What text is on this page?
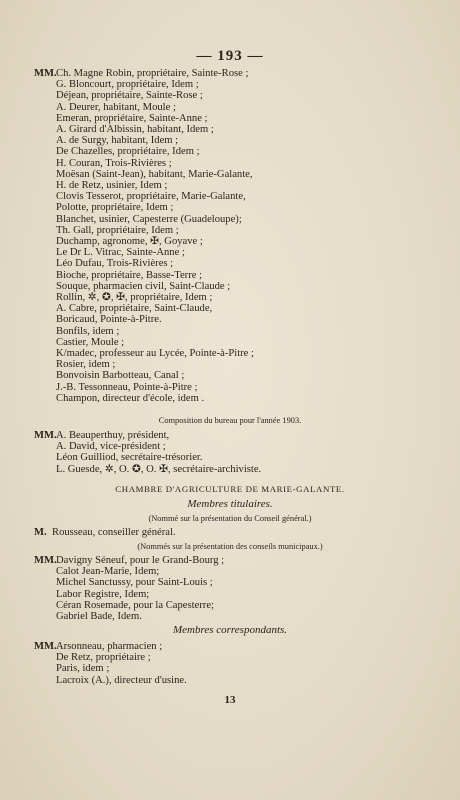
— 193 —
MM. Ch. Magne Robin, propriétaire, Sainte-Rose ;
G. Bloncourt, propriétaire, Idem ;
Déjean, propriétaire, Sainte-Rose ;
A. Deurer, habitant, Moule ;
Emeran, propriétaire, Sainte-Anne ;
A. Girard d'Albissin, habitant, Idem ;
A. de Surgy, habitant, Idem ;
De Chazelles, propriétaire, Idem ;
H. Couran, Trois-Rivières ;
Moësan (Saint-Jean), habitant, Marie-Galante,
H. de Retz, usinier, Idem ;
Clovis Tesserot, propriétaire, Marie-Galante,
Polotte, propriétaire, Idem ;
Blanchet, usinier, Capesterre (Guadeloupe);
Th. Gall, propriétaire, Idem ;
Duchamp, agronome, ✠, Goyave ;
Le Dr L. Vitrac, Sainte-Anne ;
Léo Dufau, Trois-Rivières ;
Bioche, propriétaire, Basse-Terre ;
Souque, pharmacien civil, Saint-Claude ;
Rollin, ✲, ✪, ✠, propriétaire, Idem ;
A. Cabre, propriétaire, Saint-Claude,
Boricaud, Pointe-à-Pitre.
Bonfils, idem ;
Castier, Moule ;
K/madec, professeur au Lycée, Pointe-à-Pitre ;
Rosier, idem ;
Bonvoisin Barbotteau, Canal ;
J.-B. Tessonneau, Pointe-à-Pitre ;
Champon, directeur d'école, idem .
Composition du bureau pour l'année 1903.
MM. A. Beauperthuy, président,
A. David, vice-président ;
Léon Guilliod, secrétaire-trésorier.
L. Guesde, ✲, O. ✪, O. ✠, secrétaire-archiviste.
CHAMBRE D'AGRICULTURE DE MARIE-GALANTE.
Membres titulaires.
(Nommé sur la présentation du Conseil général.)
M. Rousseau, conseiller général.
(Nommés sur la présentation des conseils municipaux.)
MM. Davigny Séneuf, pour le Grand-Bourg ;
Calot Jean-Marie, Idem;
Michel Sanctussy, pour Saint-Louis ;
Labor Registre, Idem;
Céran Rosemade, pour la Capesterre;
Gabriel Bade, Idem.
Membres correspondants.
MM. Arsonneau, pharmacien ;
De Retz, propriétaire ;
Paris, idem ;
Lacroix (A.), directeur d'usine.
13
